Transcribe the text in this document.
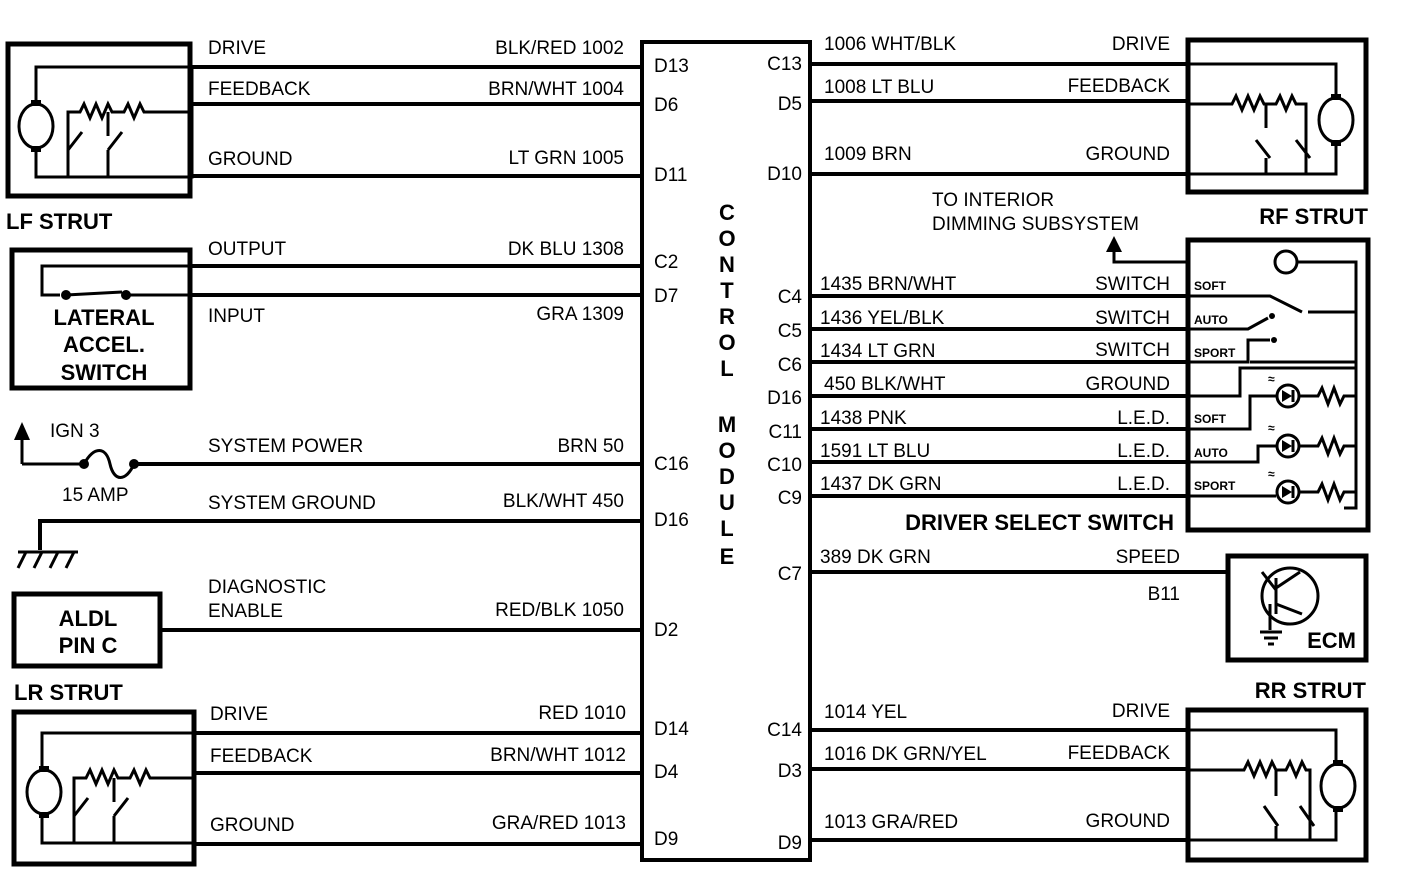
C
O
N
T
R
O
L
M
O
D
U
L
E
LF STRUT
DRIVE	BLK/RED 1002
D13
FEEDBACK	BRN/WHT 1004
D6
GROUND	LT GRN 1005
D11
LATERAL
ACCEL.
SWITCH
OUTPUT	DK BLU 1308
C2
INPUT	GRA 1309
D7
IGN 3
15 AMP
SYSTEM POWER	BRN 50
C16
SYSTEM GROUND	BLK/WHT 450
D16
ALDL
PIN C
DIAGNOSTIC
ENABLE	RED/BLK 1050
D2
LR STRUT
DRIVE	RED 1010
D14
FEEDBACK	BRN/WHT 1012
D4
GROUND	GRA/RED 1013
D9
C13
1006 WHT/BLK	DRIVE
D5
1008 LT BLU	FEEDBACK
D10
1009 BRN	GROUND
RF STRUT
TO INTERIOR
DIMMING SUBSYSTEM
C4
1435 BRN/WHT	SWITCH
C5
1436 YEL/BLK	SWITCH
C6
1434 LT GRN	SWITCH
D16
450 BLK/WHT	GROUND
C11
1438 PNK	L.E.D.
C10
1591 LT BLU	L.E.D.
C9
1437 DK GRN	L.E.D.
≈
≈
≈
SOFT
AUTO
SPORT
SOFT
AUTO
SPORT
DRIVER SELECT SWITCH
C7
389 DK GRN	SPEED
B11
ECM
C14
1014 YEL	DRIVE
D3
1016 DK GRN/YEL	FEEDBACK
D9
1013 GRA/RED	GROUND
RR STRUT
